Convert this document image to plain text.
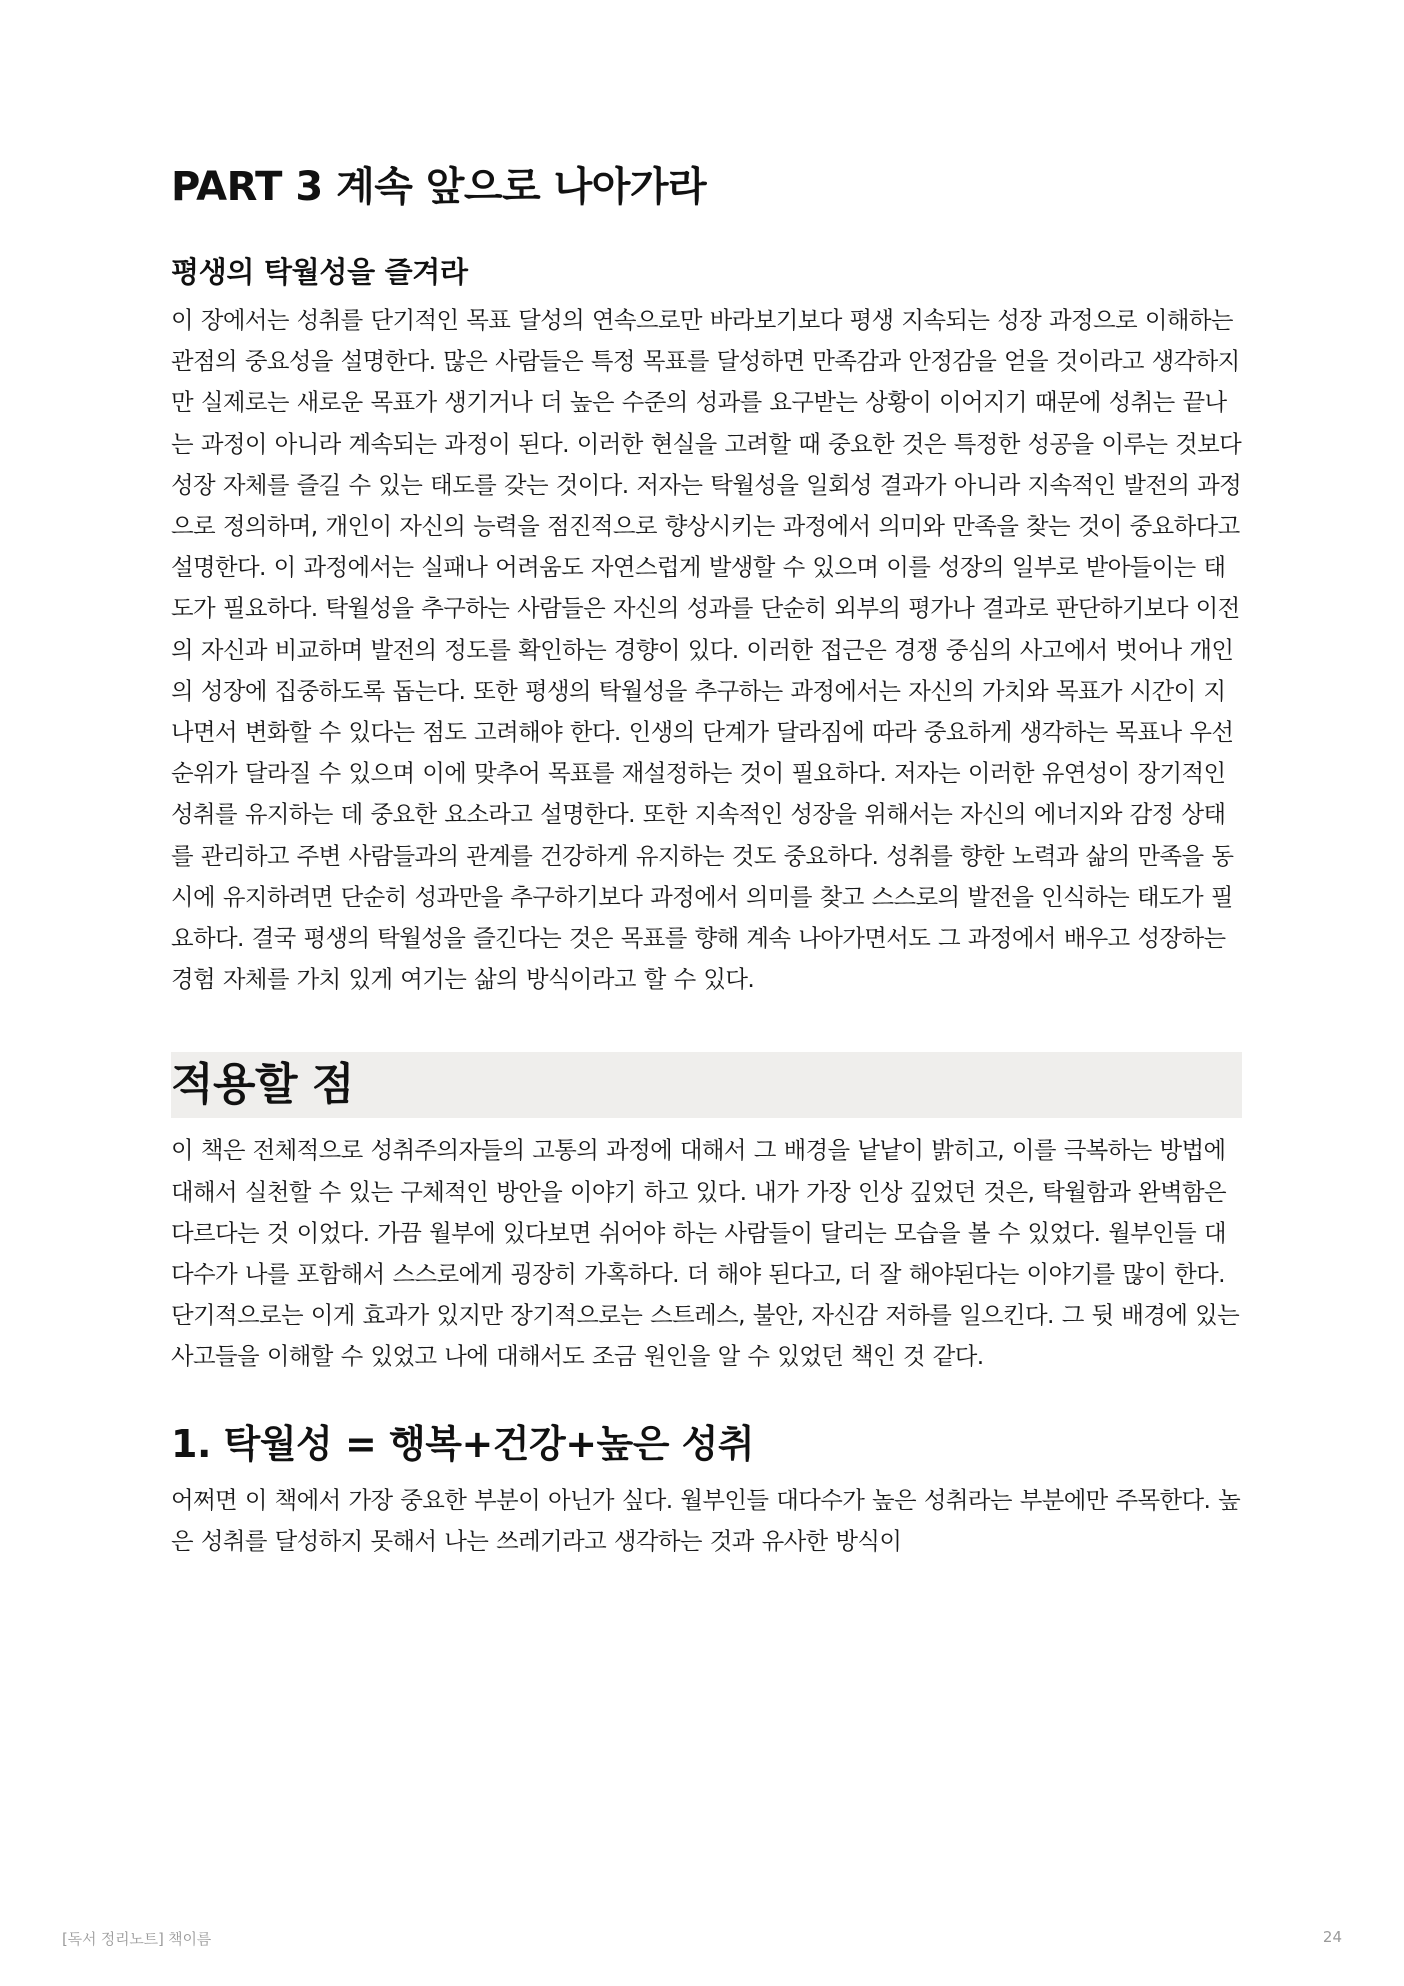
PART 3 계속 앞으로 나아가라
평생의 탁월성을 즐겨라

이 장에서는 성취를 단기적인 목표 달성의 연속으로만 바라보기보다 평생 지속되는 성장 과정으로 이해하는 관점의 중요성을 설명한다. 많은 사람들은 특정 목표를 달성하면 만족감과 안정감을 얻을 것이라고 생각하지만 실제로는 새로운 목표가 생기거나 더 높은 수준의 성과를 요구받는 상황이 이어지기 때문에 성취는 끝나는 과정이 아니라 계속되는 과정이 된다. 이러한 현실을 고려할 때 중요한 것은 특정한 성공을 이루는 것보다 성장 자체를 즐길 수 있는 태도를 갖는 것이다. 저자는 탁월성을 일회성 결과가 아니라 지속적인 발전의 과정으로 정의하며, 개인이 자신의 능력을 점진적으로 향상시키는 과정에서 의미와 만족을 찾는 것이 중요하다고 설명한다. 이 과정에서는 실패나 어려움도 자연스럽게 발생할 수 있으며 이를 성장의 일부로 받아들이는 태도가 필요하다. 탁월성을 추구하는 사람들은 자신의 성과를 단순히 외부의 평가나 결과로 판단하기보다 이전의 자신과 비교하며 발전의 정도를 확인하는 경향이 있다. 이러한 접근은 경쟁 중심의 사고에서 벗어나 개인의 성장에 집중하도록 돕는다. 또한 평생의 탁월성을 추구하는 과정에서는 자신의 가치와 목표가 시간이 지나면서 변화할 수 있다는 점도 고려해야 한다. 인생의 단계가 달라짐에 따라 중요하게 생각하는 목표나 우선순위가 달라질 수 있으며 이에 맞추어 목표를 재설정하는 것이 필요하다. 저자는 이러한 유연성이 장기적인 성취를 유지하는 데 중요한 요소라고 설명한다. 또한 지속적인 성장을 위해서는 자신의 에너지와 감정 상태를 관리하고 주변 사람들과의 관계를 건강하게 유지하는 것도 중요하다. 성취를 향한 노력과 삶의 만족을 동시에 유지하려면 단순히 성과만을 추구하기보다 과정에서 의미를 찾고 스스로의 발전을 인식하는 태도가 필요하다. 결국 평생의 탁월성을 즐긴다는 것은 목표를 향해 계속 나아가면서도 그 과정에서 배우고 성장하는 경험 자체를 가치 있게 여기는 삶의 방식이라고 할 수 있다.

적용할 점

이 책은 전체적으로 성취주의자들의 고통의 과정에 대해서 그 배경을 낱낱이 밝히고, 이를 극복하는 방법에 대해서 실천할 수 있는 구체적인 방안을 이야기 하고 있다. 내가 가장 인상 깊었던 것은, 탁월함과 완벽함은 다르다는 것 이었다. 가끔 월부에 있다보면 쉬어야 하는 사람들이 달리는 모습을 볼 수 있었다. 월부인들 대다수가 나를 포함해서 스스로에게 굉장히 가혹하다. 더 해야 된다고, 더 잘 해야된다는 이야기를 많이 한다. 단기적으로는 이게 효과가 있지만 장기적으로는 스트레스, 불안, 자신감 저하를 일으킨다. 그 뒷 배경에 있는 사고들을 이해할 수 있었고 나에 대해서도 조금 원인을 알 수 있었던 책인 것 같다.

1. 탁월성 = 행복+건강+높은 성취

어쩌면 이 책에서 가장 중요한 부분이 아닌가 싶다. 월부인들 대다수가 높은 성취라는 부분에만 주목한다. 높은 성취를 달성하지 못해서 나는 쓰레기라고 생각하는 것과 유사한 방식이

[독서 정리노트] 책이름	24
